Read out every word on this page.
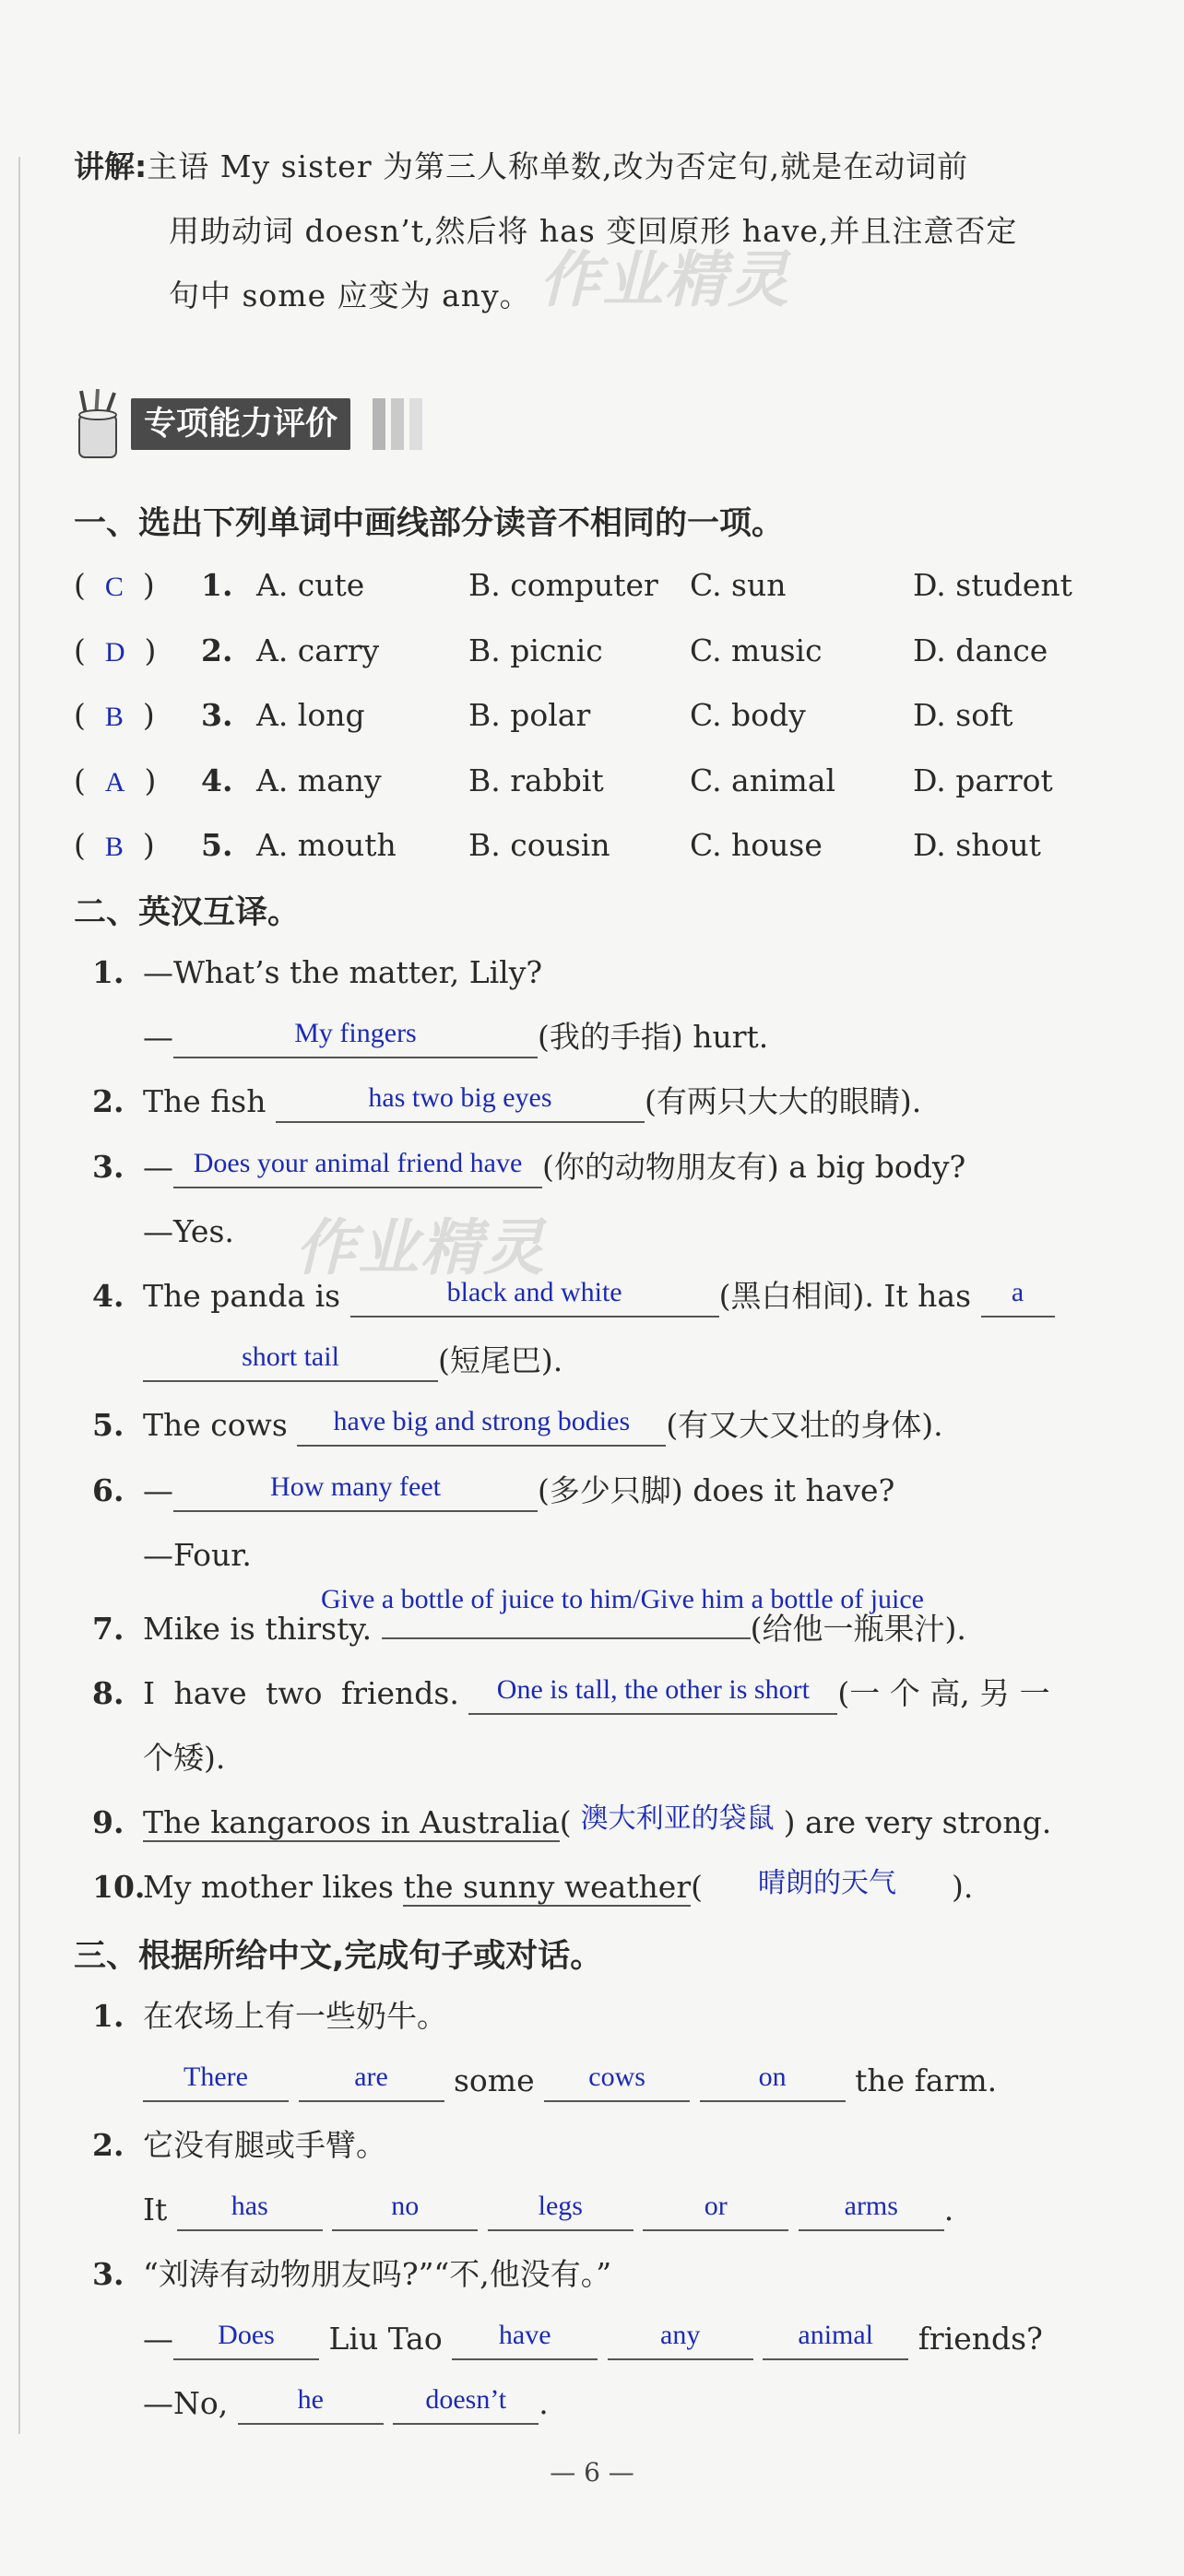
讲解:主语 My sister 为第三人称单数,改为否定句,就是在动词前
用助动词 doesn’t,然后将 has 变回原形 have,并且注意否定
句中 some 应变为 any。 作业精灵
专项能力评价
一、选出下列单词中画线部分读音不相同的一项。
(  C  ) 1. A. cute	B. computer C. sun	D. student
(  D  ) 2. A. carry	B. picnic	C. music	D. dance
(  B  ) 3. A. long	B. polar	C. body	D. soft
(  A  ) 4. A. many	B. rabbit	C. animal	D. parrot
(  B  ) 5. A. mouth B. cousin	C. house	D. shout
二、英汉互译。
1. —What’s the matter, Lily?
—	My fingers	(我的手指) hurt.
2. The fish	has two big eyes	(有两只大大的眼睛).
3. — Does your animal friend have (你的动物朋友有) a big body?
—Yes. 作业精灵
4. The panda is	black and white	(黑白相间). It has a
short tail	(短尾巴).
5. The cows have big and strong bodies (有又大又壮的身体).
6. —	How many feet	(多少只脚) does it have?
—Four.
Give a bottle of juice to him/Give him a bottle of juice
7. Mike is thirsty.	(给他一瓶果汁).
8. I have two friends. One is tall, the other is short (一 个 高, 另 一
个矮).
9. The kangaroos in Australia( 澳大利亚的袋鼠 ) are very strong.
10.My mother likes the sunny weather( 晴朗的天气 ).
三、根据所给中文,完成句子或对话。
1. 在农场上有一些奶牛。
There	are some cows	on the farm.
2. 它没有腿或手臂。
It has	no	legs	or	arms .
3. “刘涛有动物朋友吗?”“不,他没有。”
— Does Liu Tao have	any	animal friends?
—No,	he	doesn’t .
— 6 —
